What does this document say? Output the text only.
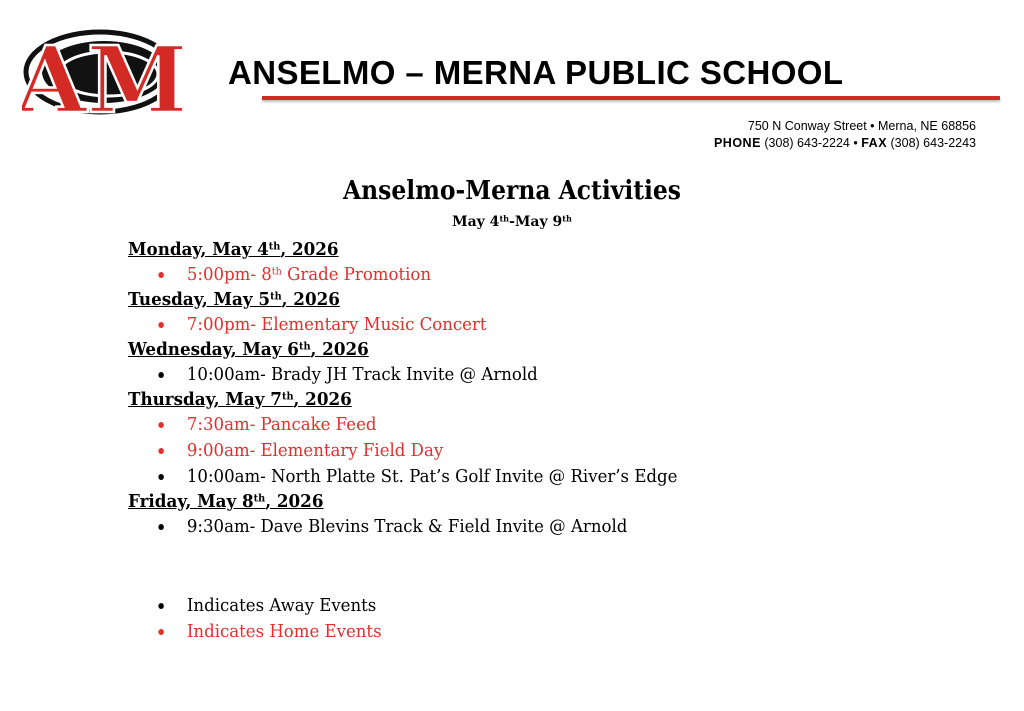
AM ANSELMO – MERNA PUBLIC SCHOOL
750 N Conway Street • Merna, NE 68856
PHONE (308) 643-2224 • FAX (308) 643-2243
Anselmo-Merna Activities
May 4th-May 9th
Monday, May 4th, 2026
5:00pm- 8th Grade Promotion
Tuesday, May 5th, 2026
7:00pm- Elementary Music Concert
Wednesday, May 6th, 2026
10:00am- Brady JH Track Invite @ Arnold
Thursday, May 7th, 2026
7:30am- Pancake Feed
9:00am- Elementary Field Day
10:00am- North Platte St. Pat’s Golf Invite @ River’s Edge
Friday, May 8th, 2026
9:30am- Dave Blevins Track & Field Invite @ Arnold
Indicates Away Events
Indicates Home Events
